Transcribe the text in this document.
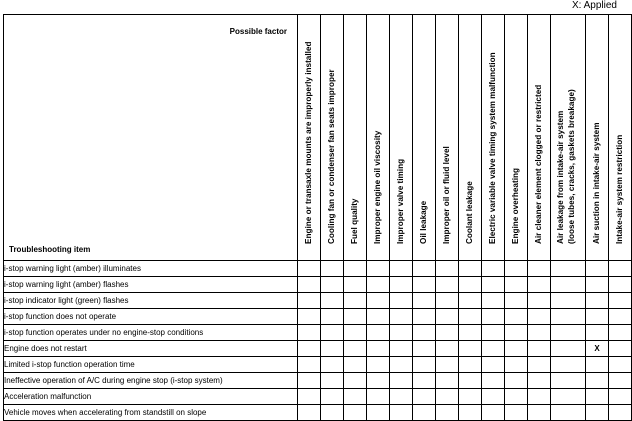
X: Applied
Possible factor
Troubleshooting item	Engine or transaxle mounts are improperly installed	Cooling fan or condenser fan seats improper	Fuel quality	Improper engine oil viscosity	Improper valve timing	Oil leakage	Improper oil or fluid level	Coolant leakage	Electric variable valve timing system malfunction	Engine overheating	Air cleaner element clogged or restricted	Air leakage from intake-air system (loose tubes, cracks, gaskets breakage)	Air suction in intake-air system	Intake-air system restriction

i-stop warning light (amber) illuminates														
i-stop warning light (amber) flashes														
i-stop indicator light (green) flashes														
i-stop function does not operate														
i-stop function operates under no engine-stop conditions														
Engine does not restart													X	
Limited i-stop function operation time														
Ineffective operation of A/C during engine stop (i-stop system)														
Acceleration malfunction														
Vehicle moves when accelerating from standstill on slope														
